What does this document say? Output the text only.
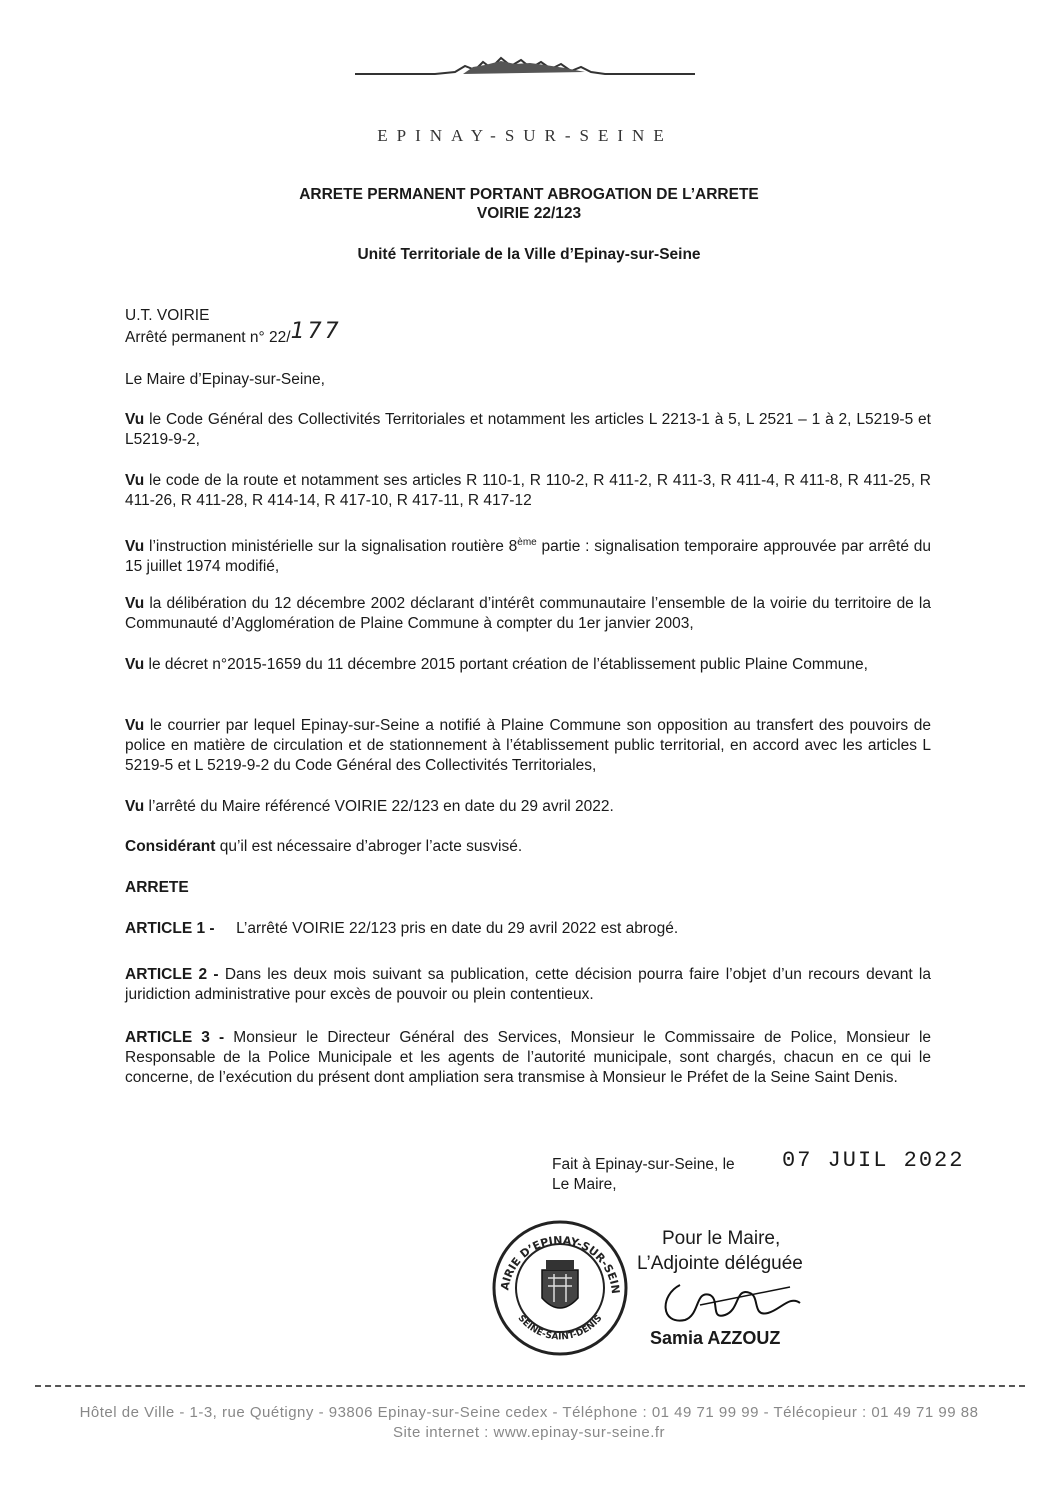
EPINAY-SUR-SEINE
ARRETE PERMANENT PORTANT ABROGATION DE L’ARRETE
VOIRIE 22/123
Unité Territoriale de la Ville d’Epinay-sur-Seine
U.T. VOIRIE
Arrêté permanent n° 22/177
Le Maire d’Epinay-sur-Seine,
Vu le Code Général des Collectivités Territoriales et notamment les articles L 2213-1 à 5, L 2521 – 1 à 2, L5219-5 et L5219-9-2,
Vu le code de la route et notamment ses articles R 110-1, R 110-2, R 411-2, R 411-3, R 411-4, R 411-8, R 411-25, R 411-26, R 411-28, R 414-14, R 417-10, R 417-11, R 417-12
Vu l’instruction ministérielle sur la signalisation routière 8ème partie : signalisation temporaire approuvée par arrêté du 15 juillet 1974 modifié,
Vu la délibération du 12 décembre 2002 déclarant d’intérêt communautaire l’ensemble de la voirie du territoire de la Communauté d’Agglomération de Plaine Commune à compter du 1er janvier 2003,
Vu le décret n°2015-1659 du 11 décembre 2015 portant création de l’établissement public Plaine Commune,
Vu le courrier par lequel Epinay-sur-Seine a notifié à Plaine Commune son opposition au transfert des pouvoirs de police en matière de circulation et de stationnement à l’établissement public territorial, en accord avec les articles L 5219-5 et L 5219-9-2 du Code Général des Collectivités Territoriales,
Vu l’arrêté du Maire référencé VOIRIE 22/123 en date du 29 avril 2022.
Considérant qu’il est nécessaire d’abroger l’acte susvisé.
ARRETE
ARTICLE 1 - L’arrêté VOIRIE 22/123 pris en date du 29 avril 2022 est abrogé.
ARTICLE 2 - Dans les deux mois suivant sa publication, cette décision pourra faire l’objet d’un recours devant la juridiction administrative pour excès de pouvoir ou plein contentieux.
ARTICLE 3 - Monsieur le Directeur Général des Services, Monsieur le Commissaire de Police, Monsieur le Responsable de la Police Municipale et les agents de l’autorité municipale, sont chargés, chacun en ce qui le concerne, de l’exécution du présent dont ampliation sera transmise à Monsieur le Préfet de la Seine Saint Denis.
Fait à Epinay-sur-Seine, le 07 JUIL 2022
Le Maire,
AIRIE D’EPINAY-SUR-SEIN
SEINE-SAINT-DENIS
Pour le Maire,
L’Adjointe déléguée
Samia AZZOUZ
Hôtel de Ville - 1-3, rue Quétigny - 93806 Epinay-sur-Seine cedex - Téléphone : 01 49 71 99 99 - Télécopieur : 01 49 71 99 88
Site internet : www.epinay-sur-seine.fr
